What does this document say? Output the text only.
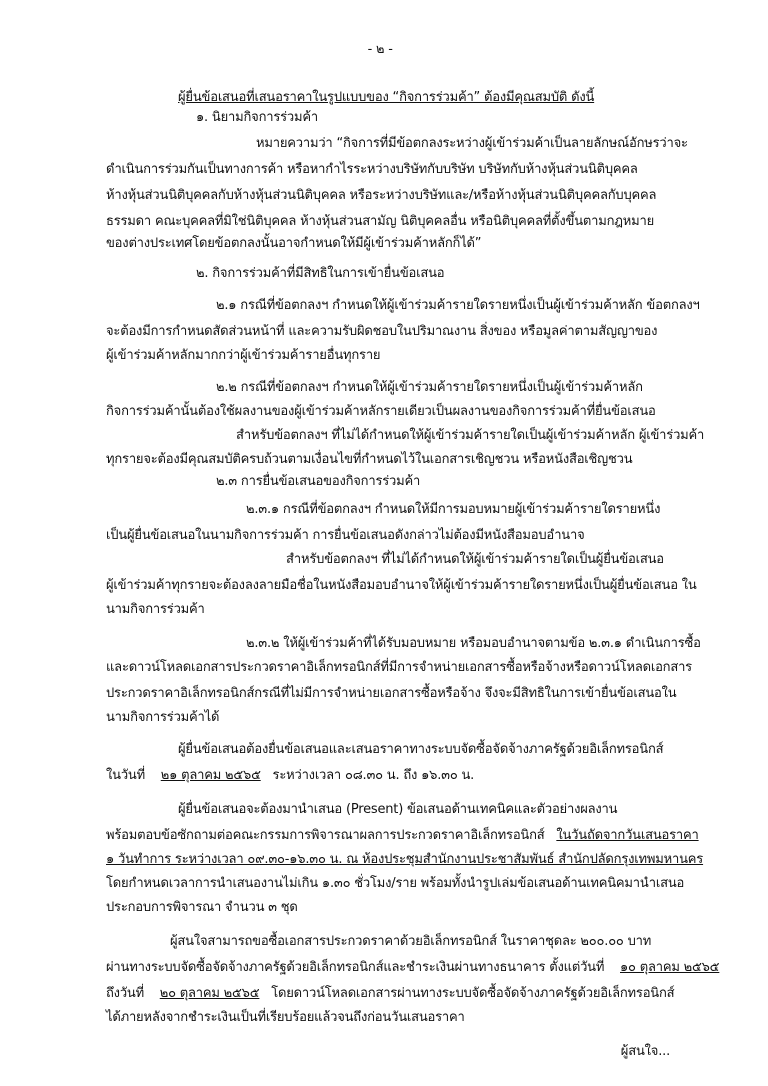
- ๒ -
ผู้ยื่นข้อเสนอที่เสนอราคาในรูปแบบของ “กิจการร่วมค้า” ต้องมีคุณสมบัติ ดังนี้
๑. นิยามกิจการร่วมค้า
หมายความว่า “กิจการที่มีข้อตกลงระหว่างผู้เข้าร่วมค้าเป็นลายลักษณ์อักษรว่าจะ
ดำเนินการร่วมกันเป็นทางการค้า หรือหากำไรระหว่างบริษัทกับบริษัท บริษัทกับห้างหุ้นส่วนนิติบุคคล
ห้างหุ้นส่วนนิติบุคคลกับห้างหุ้นส่วนนิติบุคคล หรือระหว่างบริษัทและ/หรือห้างหุ้นส่วนนิติบุคคลกับบุคคล
ธรรมดา คณะบุคคลที่มิใช่นิติบุคคล ห้างหุ้นส่วนสามัญ นิติบุคคลอื่น หรือนิติบุคคลที่ตั้งขึ้นตามกฎหมาย
ของต่างประเทศโดยข้อตกลงนั้นอาจกำหนดให้มีผู้เข้าร่วมค้าหลักก็ได้”
๒. กิจการร่วมค้าที่มีสิทธิในการเข้ายื่นข้อเสนอ
๒.๑ กรณีที่ข้อตกลงฯ กำหนดให้ผู้เข้าร่วมค้ารายใดรายหนึ่งเป็นผู้เข้าร่วมค้าหลัก ข้อตกลงฯ
จะต้องมีการกำหนดสัดส่วนหน้าที่ และความรับผิดชอบในปริมาณงาน สิ่งของ หรือมูลค่าตามสัญญาของ
ผู้เข้าร่วมค้าหลักมากกว่าผู้เข้าร่วมค้ารายอื่นทุกราย
๒.๒ กรณีที่ข้อตกลงฯ กำหนดให้ผู้เข้าร่วมค้ารายใดรายหนึ่งเป็นผู้เข้าร่วมค้าหลัก
กิจการร่วมค้านั้นต้องใช้ผลงานของผู้เข้าร่วมค้าหลักรายเดียวเป็นผลงานของกิจการร่วมค้าที่ยื่นข้อเสนอ
สำหรับข้อตกลงฯ ที่ไม่ได้กำหนดให้ผู้เข้าร่วมค้ารายใดเป็นผู้เข้าร่วมค้าหลัก ผู้เข้าร่วมค้า
ทุกรายจะต้องมีคุณสมบัติครบถ้วนตามเงื่อนไขที่กำหนดไว้ในเอกสารเชิญชวน หรือหนังสือเชิญชวน
๒.๓ การยื่นข้อเสนอของกิจการร่วมค้า
๒.๓.๑ กรณีที่ข้อตกลงฯ กำหนดให้มีการมอบหมายผู้เข้าร่วมค้ารายใดรายหนึ่ง
เป็นผู้ยื่นข้อเสนอในนามกิจการร่วมค้า การยื่นข้อเสนอดังกล่าวไม่ต้องมีหนังสือมอบอำนาจ
สำหรับข้อตกลงฯ ที่ไม่ได้กำหนดให้ผู้เข้าร่วมค้ารายใดเป็นผู้ยื่นข้อเสนอ
ผู้เข้าร่วมค้าทุกรายจะต้องลงลายมือชื่อในหนังสือมอบอำนาจให้ผู้เข้าร่วมค้ารายใดรายหนึ่งเป็นผู้ยื่นข้อเสนอ ใน
นามกิจการร่วมค้า
๒.๓.๒ ให้ผู้เข้าร่วมค้าที่ได้รับมอบหมาย หรือมอบอำนาจตามข้อ ๒.๓.๑ ดำเนินการซื้อ
และดาวน์โหลดเอกสารประกวดราคาอิเล็กทรอนิกส์ที่มีการจำหน่ายเอกสารซื้อหรือจ้างหรือดาวน์โหลดเอกสาร
ประกวดราคาอิเล็กทรอนิกส์กรณีที่ไม่มีการจำหน่ายเอกสารซื้อหรือจ้าง จึงจะมีสิทธิในการเข้ายื่นข้อเสนอใน
นามกิจการร่วมค้าได้
ผู้ยื่นข้อเสนอต้องยื่นข้อเสนอและเสนอราคาทางระบบจัดซื้อจัดจ้างภาครัฐด้วยอิเล็กทรอนิกส์
ในวันที่ ๒๑ ตุลาคม ๒๕๖๕ ระหว่างเวลา ๐๘.๓๐ น. ถึง ๑๖.๓๐ น.
ผู้ยื่นข้อเสนอจะต้องมานำเสนอ (Present) ข้อเสนอด้านเทคนิคและตัวอย่างผลงาน
พร้อมตอบข้อซักถามต่อคณะกรรมการพิจารณาผลการประกวดราคาอิเล็กทรอนิกส์ ในวันถัดจากวันเสนอราคา
๑ วันทำการ ระหว่างเวลา ๐๙.๓๐-๑๖.๓๐ น. ณ ห้องประชุมสำนักงานประชาสัมพันธ์ สำนักปลัดกรุงเทพมหานคร
โดยกำหนดเวลาการนำเสนองานไม่เกิน ๑.๓๐ ชั่วโมง/ราย พร้อมทั้งนำรูปเล่มข้อเสนอด้านเทคนิคมานำเสนอ
ประกอบการพิจารณา จำนวน ๓ ชุด
ผู้สนใจสามารถขอซื้อเอกสารประกวดราคาด้วยอิเล็กทรอนิกส์ ในราคาชุดละ ๒๐๐.๐๐ บาท
ผ่านทางระบบจัดซื้อจัดจ้างภาครัฐด้วยอิเล็กทรอนิกส์และชำระเงินผ่านทางธนาคาร ตั้งแต่วันที่ ๑๐ ตุลาคม ๒๕๖๕
ถึงวันที่ ๒๐ ตุลาคม ๒๕๖๕ โดยดาวน์โหลดเอกสารผ่านทางระบบจัดซื้อจัดจ้างภาครัฐด้วยอิเล็กทรอนิกส์
ได้ภายหลังจากชำระเงินเป็นที่เรียบร้อยแล้วจนถึงก่อนวันเสนอราคา
ผู้สนใจ...
